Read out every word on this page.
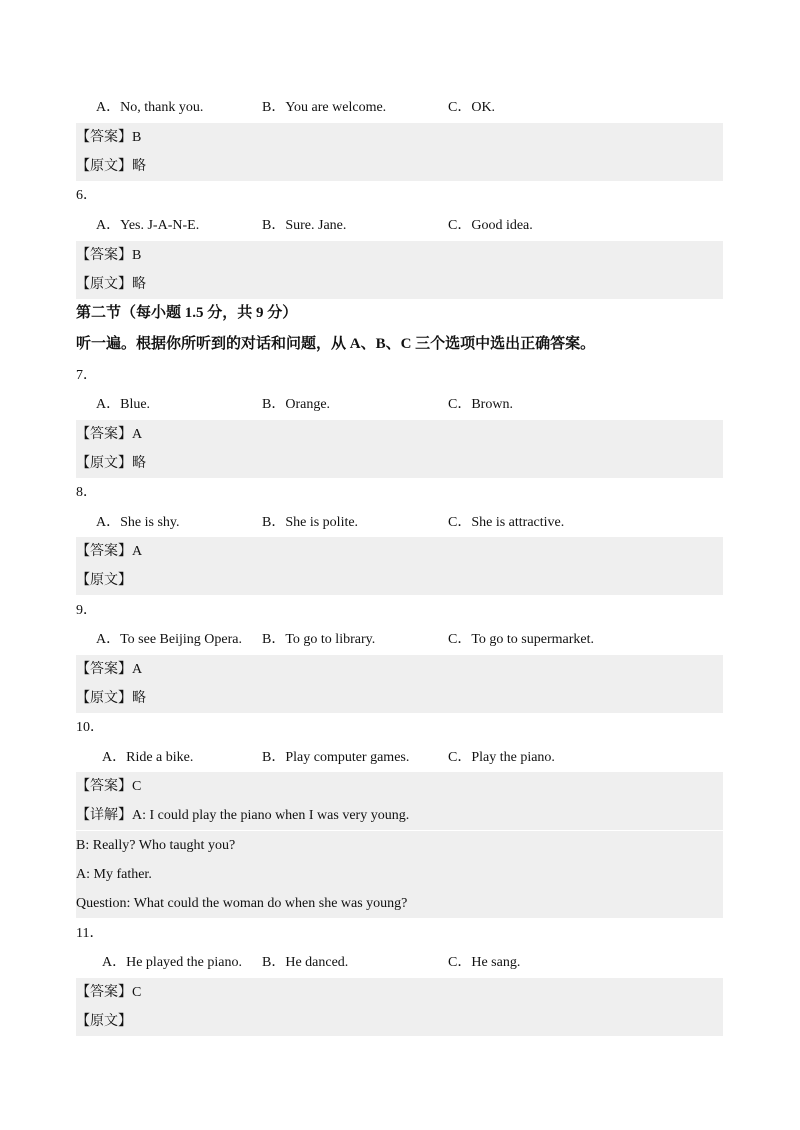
A．No, thank you.	B．You are welcome.	C．OK.
【答案】B
【原文】略
6．
A．Yes. J-A-N-E.	B．Sure. Jane.	C．Good idea.
【答案】B
【原文】略
第二节（每小题 1.5 分，共 9 分）
听一遍。根据你所听到的对话和问题，从 A、B、C 三个选项中选出正确答案。
7．
A．Blue.	B．Orange.	C．Brown.
【答案】A
【原文】略
8．
A．She is shy.	B．She is polite.	C．She is attractive.
【答案】A
【原文】
9．
A．To see Beijing Opera. B．To go to library.	C．To go to supermarket.
【答案】A
【原文】略
10．
A．Ride a bike.	B．Play computer games.	C．Play the piano.
【答案】C
【详解】A: I could play the piano when I was very young.
B: Really? Who taught you?
A: My father.
Question: What could the woman do when she was young?
11．
A．He played the piano. B．He danced.	C．He sang.
【答案】C
【原文】
